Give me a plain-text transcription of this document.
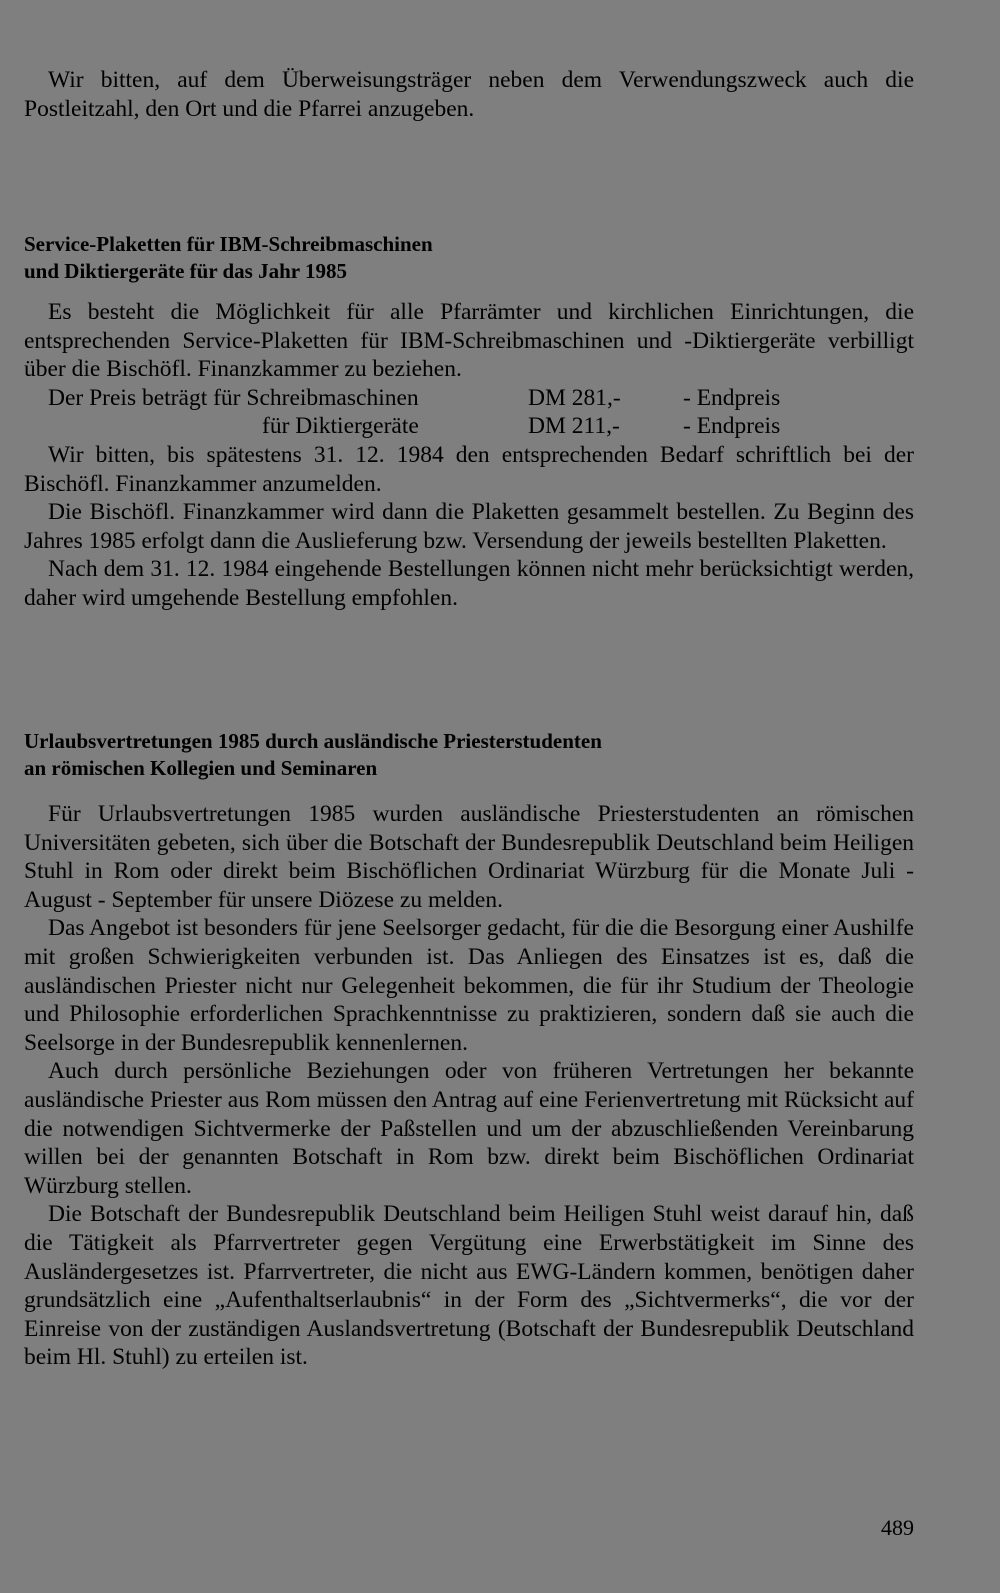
Wir bitten, auf dem Überweisungsträger neben dem Verwendungszweck auch die Postleitzahl, den Ort und die Pfarrei anzugeben.

Service-Plaketten für IBM-Schreibmaschinen
und Diktiergeräte für das Jahr 1985

Es besteht die Möglichkeit für alle Pfarrämter und kirchlichen Einrichtungen, die entsprechenden Service-Plaketten für IBM-Schreibmaschinen und -Diktiergeräte verbilligt über die Bischöfl. Finanzkammer zu beziehen.

Der Preis beträgt für Schreibmaschinen	DM 281,-	- Endpreis
für Diktiergeräte	DM 211,-	- Endpreis

Wir bitten, bis spätestens 31. 12. 1984 den entsprechenden Bedarf schriftlich bei der Bischöfl. Finanzkammer anzumelden.

Die Bischöfl. Finanzkammer wird dann die Plaketten gesammelt bestellen. Zu Beginn des Jahres 1985 erfolgt dann die Auslieferung bzw. Versendung der jeweils bestellten Plaketten.

Nach dem 31. 12. 1984 eingehende Bestellungen können nicht mehr berücksichtigt werden, daher wird umgehende Bestellung empfohlen.

Urlaubsvertretungen 1985 durch ausländische Priesterstudenten
an römischen Kollegien und Seminaren

Für Urlaubsvertretungen 1985 wurden ausländische Priesterstudenten an römischen Universitäten gebeten, sich über die Botschaft der Bundesrepublik Deutschland beim Heiligen Stuhl in Rom oder direkt beim Bischöflichen Ordinariat Würzburg für die Monate Juli - August - September für unsere Diözese zu melden.

Das Angebot ist besonders für jene Seelsorger gedacht, für die die Besorgung einer Aushilfe mit großen Schwierigkeiten verbunden ist. Das Anliegen des Einsatzes ist es, daß die ausländischen Priester nicht nur Gelegenheit bekommen, die für ihr Studium der Theologie und Philosophie erforderlichen Sprachkenntnisse zu praktizieren, sondern daß sie auch die Seelsorge in der Bundesrepublik kennenlernen.

Auch durch persönliche Beziehungen oder von früheren Vertretungen her bekannte ausländische Priester aus Rom müssen den Antrag auf eine Ferienvertretung mit Rücksicht auf die notwendigen Sichtvermerke der Paßstellen und um der abzuschließenden Vereinbarung willen bei der genannten Botschaft in Rom bzw. direkt beim Bischöflichen Ordinariat Würzburg stellen.

Die Botschaft der Bundesrepublik Deutschland beim Heiligen Stuhl weist darauf hin, daß die Tätigkeit als Pfarrvertreter gegen Vergütung eine Erwerbstätigkeit im Sinne des Ausländergesetzes ist. Pfarrvertreter, die nicht aus EWG-Ländern kommen, benötigen daher grundsätzlich eine „Aufenthaltserlaubnis“ in der Form des „Sichtvermerks“, die vor der Einreise von der zuständigen Auslandsvertretung (Botschaft der Bundesrepublik Deutschland beim Hl. Stuhl) zu erteilen ist.

489
